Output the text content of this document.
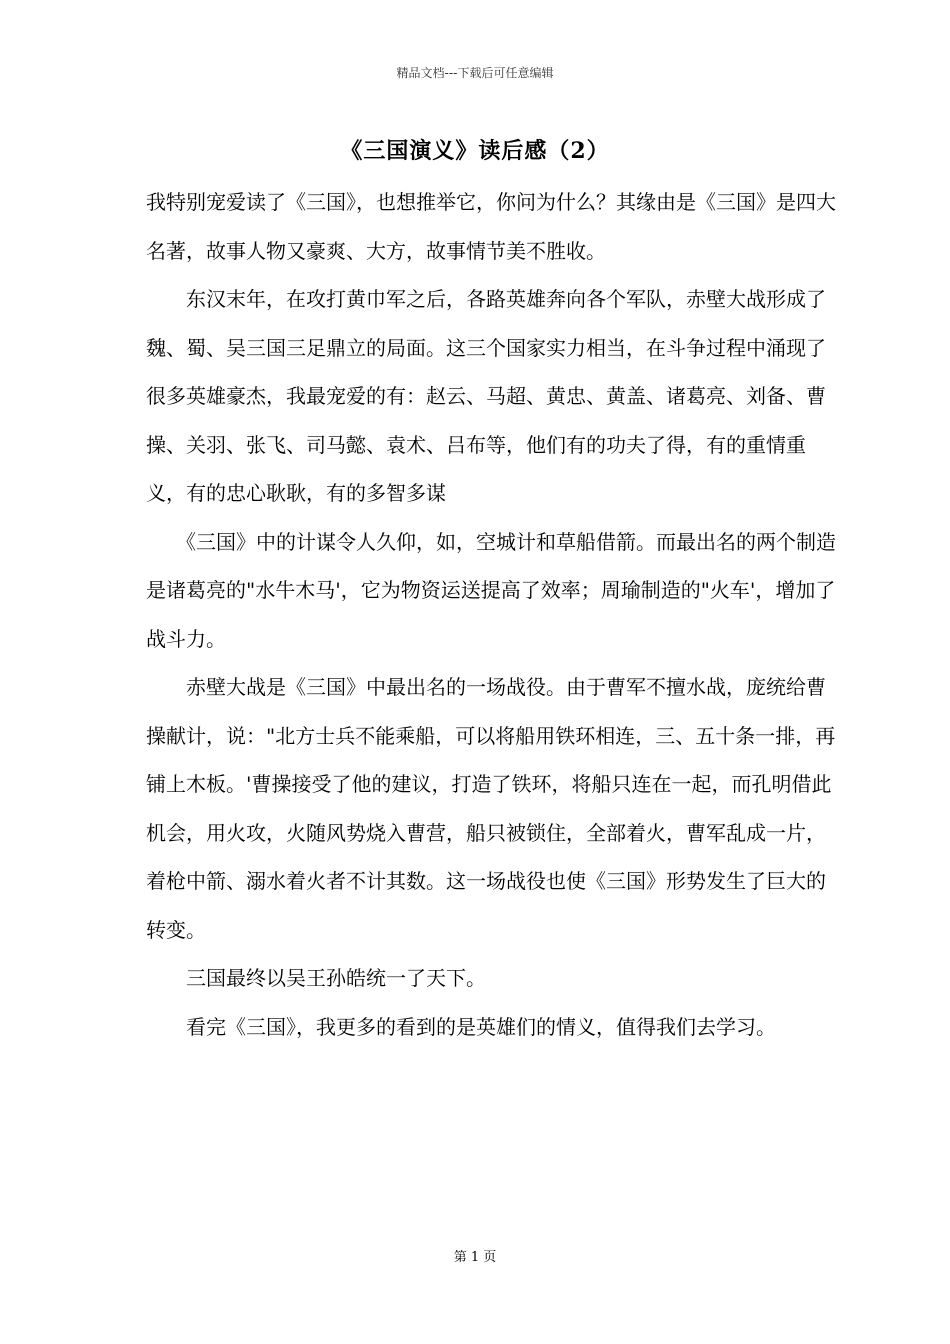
精品文档---下载后可任意编辑
《三国演义》读后感（2）

我特别宠爱读了《三国》，也想推举它，你问为什么？其缘由是《三国》是四大名著，故事人物又豪爽、大方，故事情节美不胜收。

　　东汉末年，在攻打黄巾军之后，各路英雄奔向各个军队，赤壁大战形成了魏、蜀、吴三国三足鼎立的局面。这三个国家实力相当，在斗争过程中涌现了很多英雄豪杰，我最宠爱的有：赵云、马超、黄忠、黄盖、诸葛亮、刘备、曹操、关羽、张飞、司马懿、袁术、吕布等，他们有的功夫了得，有的重情重义，有的忠心耿耿，有的多智多谋

　　《三国》中的计谋令人久仰，如，空城计和草船借箭。而最出名的两个制造是诸葛亮的"水牛木马'，它为物资运送提高了效率；周瑜制造的"火车'，增加了战斗力。

　　赤壁大战是《三国》中最出名的一场战役。由于曹军不擅水战，庞统给曹操献计，说："北方士兵不能乘船，可以将船用铁环相连，三、五十条一排，再铺上木板。'曹操接受了他的建议，打造了铁环，将船只连在一起，而孔明借此机会，用火攻，火随风势烧入曹营，船只被锁住，全部着火，曹军乱成一片，着枪中箭、溺水着火者不计其数。这一场战役也使《三国》形势发生了巨大的转变。

　　三国最终以吴王孙皓统一了天下。

　　看完《三国》，我更多的看到的是英雄们的情义，值得我们去学习。

第 1 页
